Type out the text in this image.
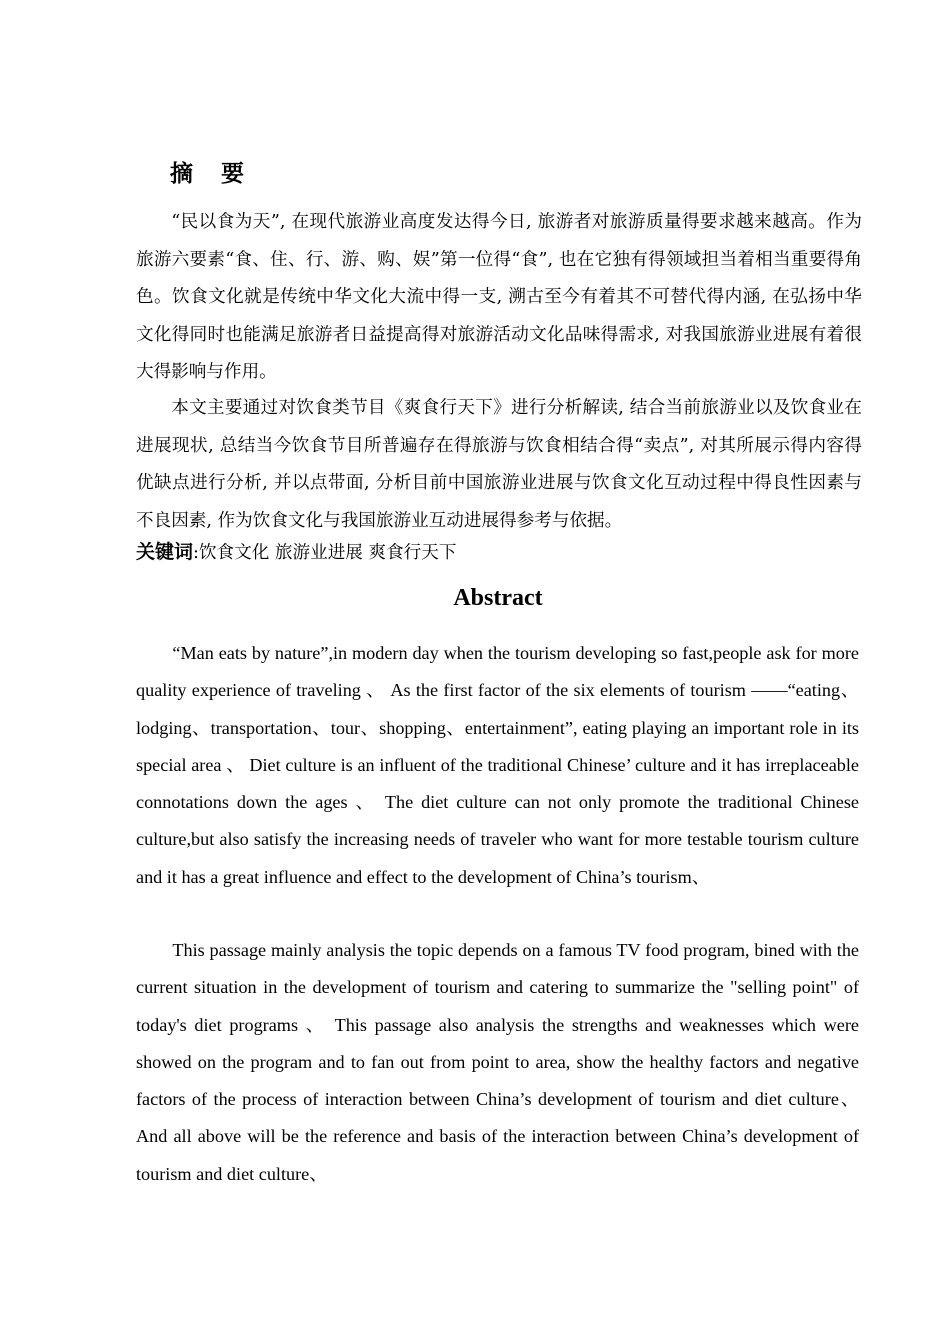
摘 要

“民以食为天”, 在现代旅游业高度发达得今日, 旅游者对旅游质量得要求越来越高。作为旅游六要素“食、住、行、游、购、娱”第一位得“食”, 也在它独有得领域担当着相当重要得角色。饮食文化就是传统中华文化大流中得一支, 溯古至今有着其不可替代得内涵, 在弘扬中华文化得同时也能满足旅游者日益提高得对旅游活动文化品味得需求, 对我国旅游业进展有着很大得影响与作用。

本文主要通过对饮食类节目《爽食行天下》进行分析解读, 结合当前旅游业以及饮食业在进展现状, 总结当今饮食节目所普遍存在得旅游与饮食相结合得“卖点”, 对其所展示得内容得优缺点进行分析, 并以点带面, 分析目前中国旅游业进展与饮食文化互动过程中得良性因素与不良因素, 作为饮食文化与我国旅游业互动进展得参考与依据。

关键词:饮食文化 旅游业进展 爽食行天下
Abstract

“Man eats by nature”,in modern day when the tourism developing so fast,people ask for more quality experience of traveling 、 As the first factor of the six elements of tourism ——“eating、lodging、transportation、tour、shopping、entertainment”, eating playing an important role in its special area 、 Diet culture is an influent of the traditional Chinese’ culture and it has irreplaceable connotations down the ages 、 The diet culture can not only promote the traditional Chinese culture,but also satisfy the increasing needs of traveler who want for more testable tourism culture and it has a great influence and effect to the development of China’s tourism、

This passage mainly analysis the topic depends on a famous TV food program, bined with the current situation in the development of tourism and catering to summarize the "selling point" of today's diet programs 、 This passage also analysis the strengths and weaknesses which were showed on the program and to fan out from point to area, show the healthy factors and negative factors of the process of interaction between China’s development of tourism and diet culture、 And all above will be the reference and basis of the interaction between China’s development of tourism and diet culture、
